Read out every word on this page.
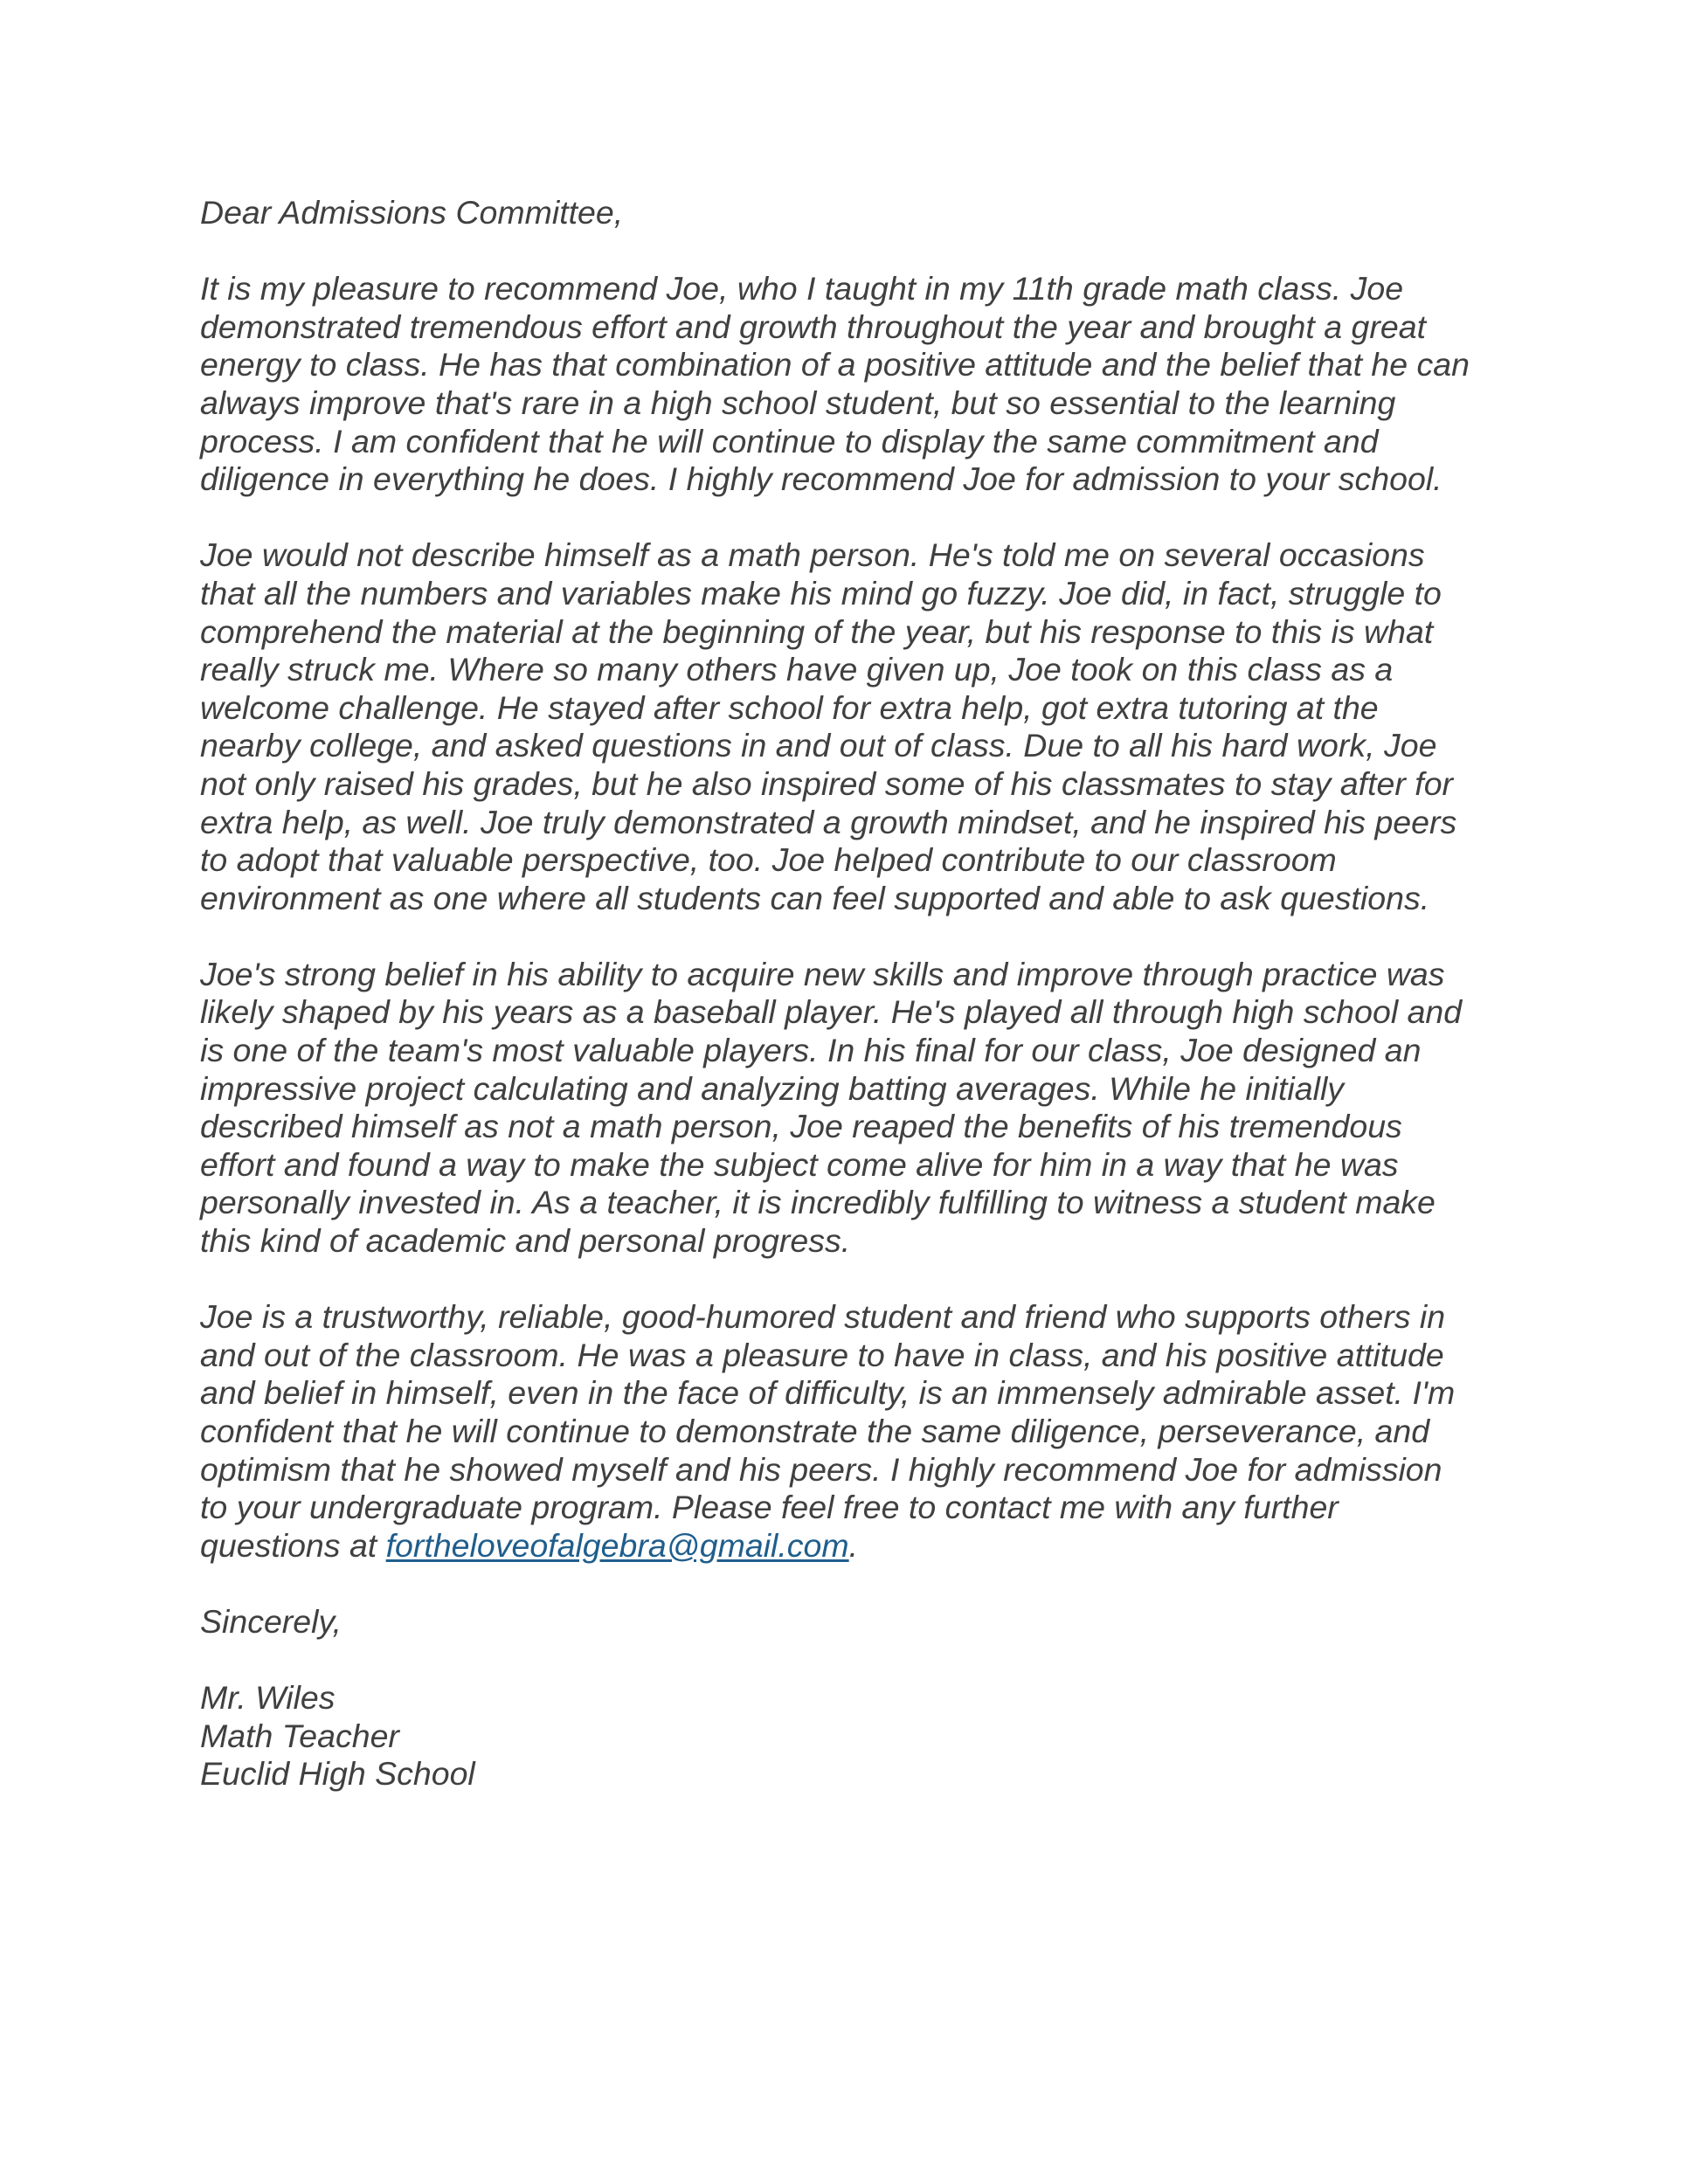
Dear Admissions Committee,
It is my pleasure to recommend Joe, who I taught in my 11th grade math class. Joe
demonstrated tremendous effort and growth throughout the year and brought a great
energy to class. He has that combination of a positive attitude and the belief that he can
always improve that's rare in a high school student, but so essential to the learning
process. I am confident that he will continue to display the same commitment and
diligence in everything he does. I highly recommend Joe for admission to your school.
Joe would not describe himself as a math person. He's told me on several occasions
that all the numbers and variables make his mind go fuzzy. Joe did, in fact, struggle to
comprehend the material at the beginning of the year, but his response to this is what
really struck me. Where so many others have given up, Joe took on this class as a
welcome challenge. He stayed after school for extra help, got extra tutoring at the
nearby college, and asked questions in and out of class. Due to all his hard work, Joe
not only raised his grades, but he also inspired some of his classmates to stay after for
extra help, as well. Joe truly demonstrated a growth mindset, and he inspired his peers
to adopt that valuable perspective, too. Joe helped contribute to our classroom
environment as one where all students can feel supported and able to ask questions.
Joe's strong belief in his ability to acquire new skills and improve through practice was
likely shaped by his years as a baseball player. He's played all through high school and
is one of the team's most valuable players. In his final for our class, Joe designed an
impressive project calculating and analyzing batting averages. While he initially
described himself as not a math person, Joe reaped the benefits of his tremendous
effort and found a way to make the subject come alive for him in a way that he was
personally invested in. As a teacher, it is incredibly fulfilling to witness a student make
this kind of academic and personal progress.
Joe is a trustworthy, reliable, good-humored student and friend who supports others in
and out of the classroom. He was a pleasure to have in class, and his positive attitude
and belief in himself, even in the face of difficulty, is an immensely admirable asset. I'm
confident that he will continue to demonstrate the same diligence, perseverance, and
optimism that he showed myself and his peers. I highly recommend Joe for admission
to your undergraduate program. Please feel free to contact me with any further
questions at fortheloveofalgebra@gmail.com.
Sincerely,
Mr. Wiles
Math Teacher
Euclid High School
